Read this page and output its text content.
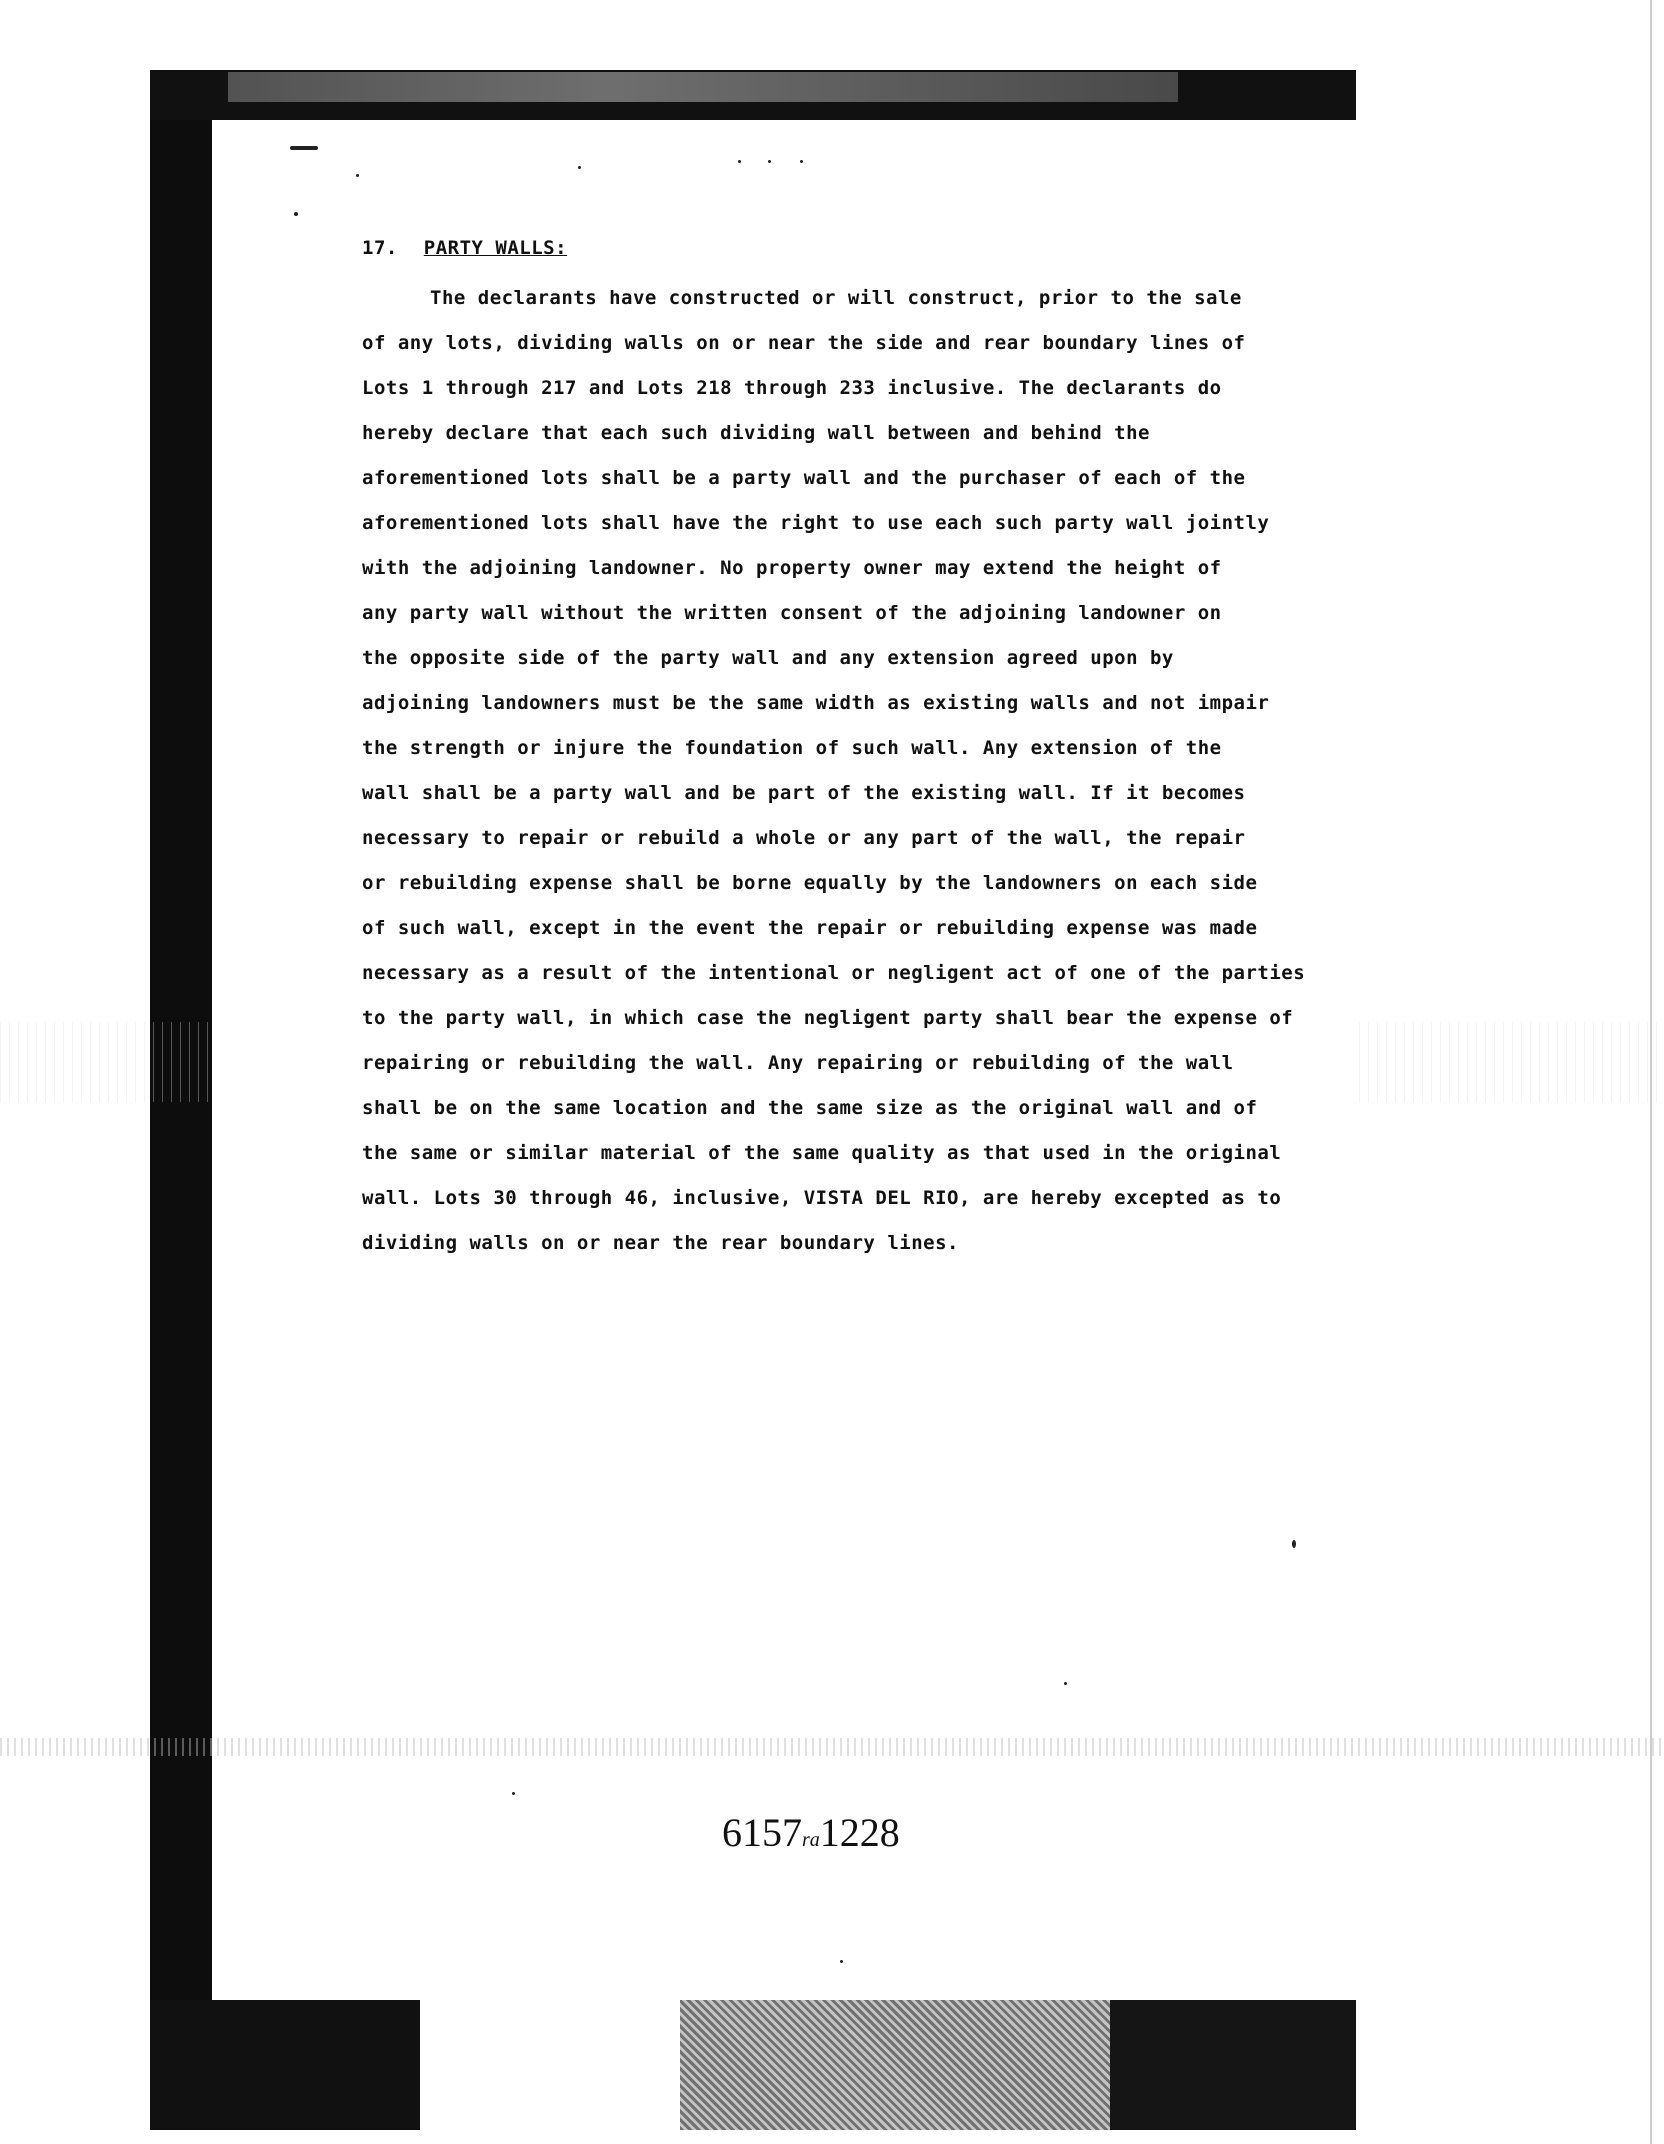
17. PARTY WALLS:
The declarants have constructed or will construct, prior to the sale
of any lots, dividing walls on or near the side and rear boundary lines of
Lots 1 through 217 and Lots 218 through 233 inclusive. The declarants do
hereby declare that each such dividing wall between and behind the
aforementioned lots shall be a party wall and the purchaser of each of the
aforementioned lots shall have the right to use each such party wall jointly
with the adjoining landowner. No property owner may extend the height of
any party wall without the written consent of the adjoining landowner on
the opposite side of the party wall and any extension agreed upon by
adjoining landowners must be the same width as existing walls and not impair
the strength or injure the foundation of such wall. Any extension of the
wall shall be a party wall and be part of the existing wall. If it becomes
necessary to repair or rebuild a whole or any part of the wall, the repair
or rebuilding expense shall be borne equally by the landowners on each side
of such wall, except in the event the repair or rebuilding expense was made
necessary as a result of the intentional or negligent act of one of the parties
to the party wall, in which case the negligent party shall bear the expense of
repairing or rebuilding the wall. Any repairing or rebuilding of the wall
shall be on the same location and the same size as the original wall and of
the same or similar material of the same quality as that used in the original
wall. Lots 30 through 46, inclusive, VISTA DEL RIO, are hereby excepted as to
dividing walls on or near the rear boundary lines.
6157ra1228
